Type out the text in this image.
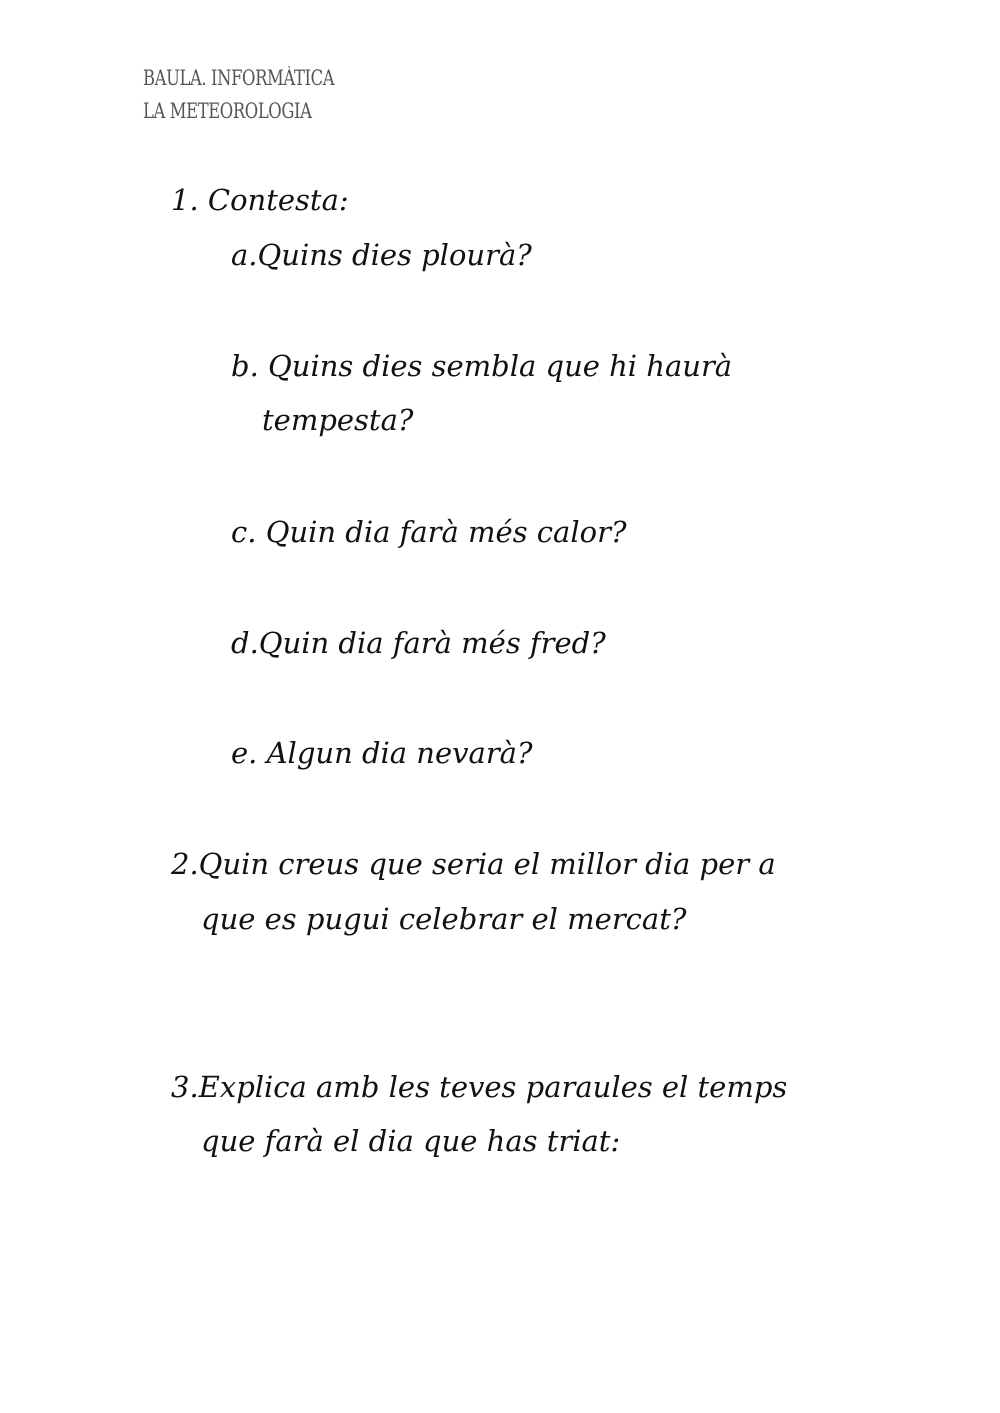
BAULA. INFORMÀTICA
LA METEOROLOGIA
1. Contesta:
a.Quins dies plourà?
b. Quins dies sembla que hi haurà
tempesta?
c. Quin dia farà més calor?
d.Quin dia farà més fred?
e. Algun dia nevarà?
2.Quin creus que seria el millor dia per a
que es pugui celebrar el mercat?
3.Explica amb les teves paraules el temps
que farà el dia que has triat:
